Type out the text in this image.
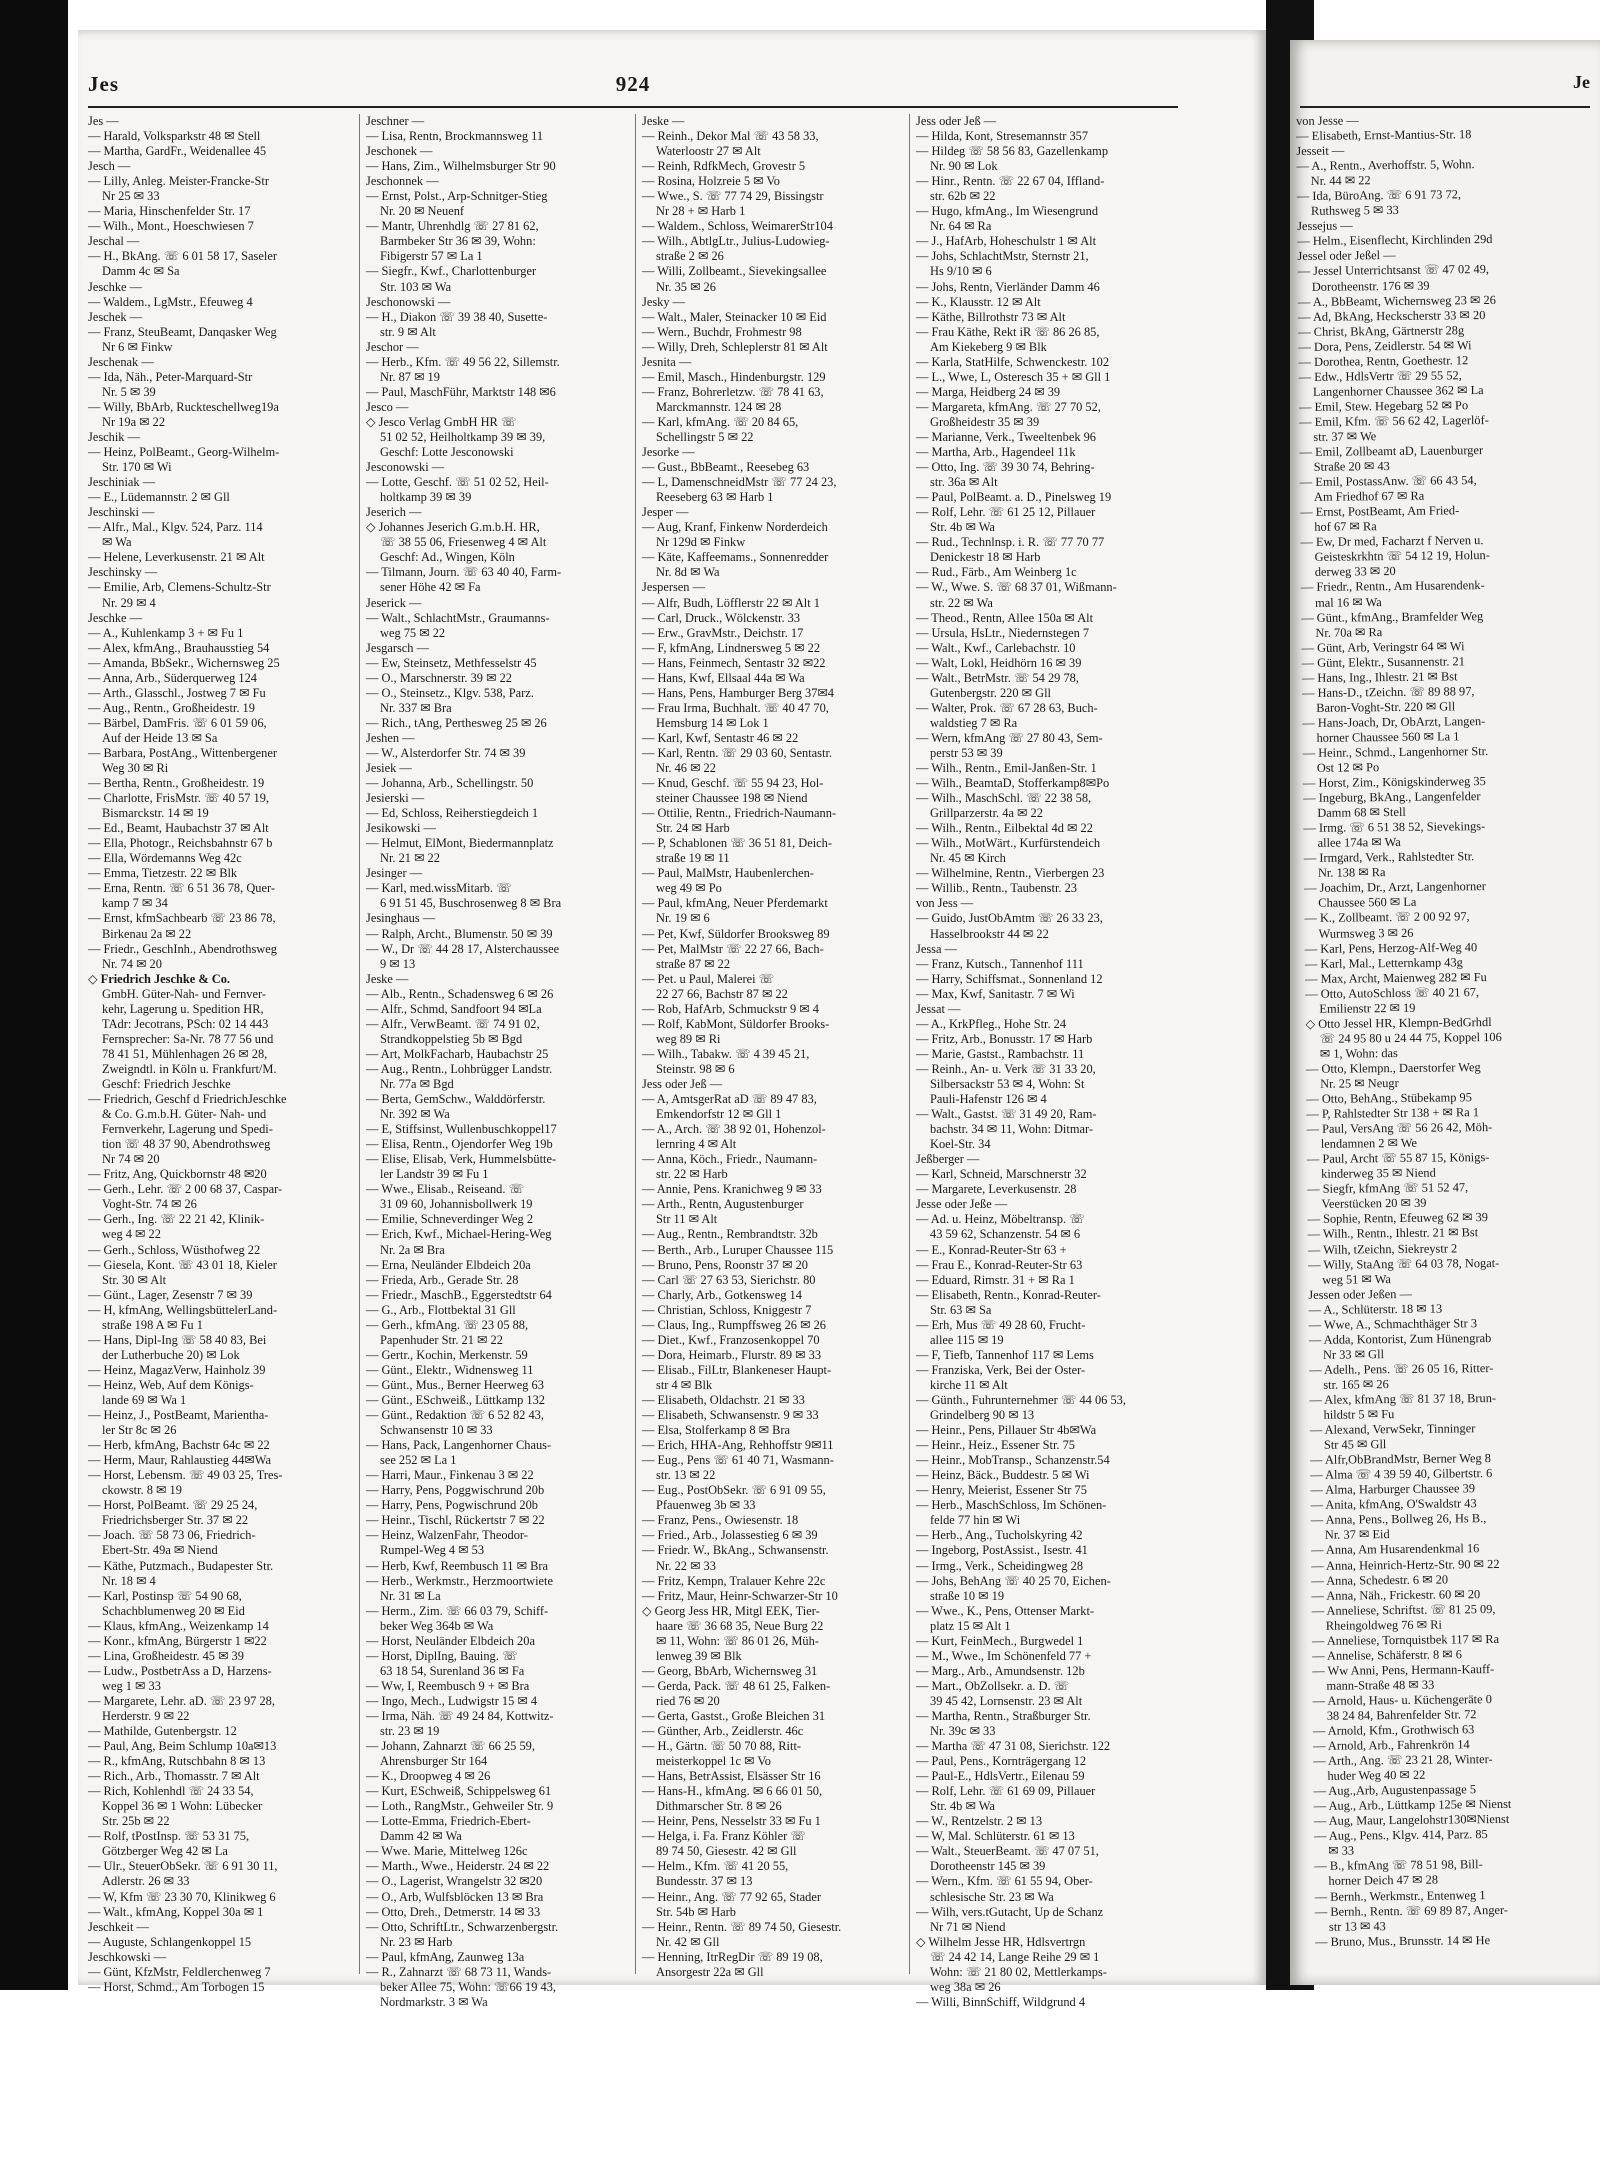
Jes	924	Je
Jes —
— Harald, Volksparkstr 48 ✉ Stell
— Martha, GardFr., Weidenallee 45
Jesch —
— Lilly, Anleg. Meister-Francke-Str
Nr 25 ✉ 33
— Maria, Hinschenfelder Str. 17
— Wilh., Mont., Hoeschwiesen 7
Jeschal —
— H., BkAng. ☏ 6 01 58 17, Saseler
Damm 4c ✉ Sa
Jeschke —
— Waldem., LgMstr., Efeuweg 4
Jeschek —
— Franz, SteuBeamt, Danqasker Weg
Nr 6 ✉ Finkw
Jeschenak —
— Ida, Näh., Peter-Marquard-Str
Nr. 5 ✉ 39
— Willy, BbArb, Ruckteschellweg19a
Nr 19a ✉ 22
Jeschik —
— Heinz, PolBeamt., Georg-Wilhelm-
Str. 170 ✉ Wi
Jeschiniak —
— E., Lüdemannstr. 2 ✉ Gll
Jeschinski —
— Alfr., Mal., Klgv. 524, Parz. 114
✉ Wa
— Helene, Leverkusenstr. 21 ✉ Alt
Jeschinsky —
— Emilie, Arb, Clemens-Schultz-Str
Nr. 29 ✉ 4
Jeschke —
— A., Kuhlenkamp 3 + ✉ Fu 1
— Alex, kfmAng., Brauhausstieg 54
— Amanda, BbSekr., Wichernsweg 25
— Anna, Arb., Süderquerweg 124
— Arth., Glasschl., Jostweg 7 ✉ Fu
— Aug., Rentn., Großheidestr. 19
— Bärbel, DamFris. ☏ 6 01 59 06,
Auf der Heide 13 ✉ Sa
— Barbara, PostAng., Wittenbergener
Weg 30 ✉ Ri
— Bertha, Rentn., Großheidestr. 19
— Charlotte, FrisMstr. ☏ 40 57 19,
Bismarckstr. 14 ✉ 19
— Ed., Beamt, Haubachstr 37 ✉ Alt
— Ella, Photogr., Reichsbahnstr 67 b
— Ella, Wördemanns Weg 42c
— Emma, Tietzestr. 22 ✉ Blk
— Erna, Rentn. ☏ 6 51 36 78, Quer-
kamp 7 ✉ 34
— Ernst, kfmSachbearb ☏ 23 86 78,
Birkenau 2a ✉ 22
— Friedr., GeschInh., Abendrothsweg
Nr. 74 ✉ 20
◇ Friedrich Jeschke & Co.
GmbH. Güter-Nah- und Fernver-
kehr, Lagerung u. Spedition HR,
TAdr: Jecotrans, PSch: 02 14 443
Fernsprecher: Sa-Nr. 78 77 56 und
78 41 51, Mühlenhagen 26 ✉ 28,
Zweigndtl. in Köln u. Frankfurt/M.
Geschf: Friedrich Jeschke
— Friedrich, Geschf d FriedrichJeschke
& Co. G.m.b.H. Güter- Nah- und
Fernverkehr, Lagerung und Spedi-
tion ☏ 48 37 90, Abendrothsweg
Nr 74 ✉ 20
— Fritz, Ang, Quickbornstr 48 ✉20
— Gerh., Lehr. ☏ 2 00 68 37, Caspar-
Voght-Str. 74 ✉ 26
— Gerh., Ing. ☏ 22 21 42, Klinik-
weg 4 ✉ 22
— Gerh., Schloss, Wüsthofweg 22
— Giesela, Kont. ☏ 43 01 18, Kieler
Str. 30 ✉ Alt
— Günt., Lager, Zesenstr 7 ✉ 39
— H, kfmAng, WellingsbüttelerLand-
straße 198 A ✉ Fu 1
— Hans, Dipl-Ing ☏ 58 40 83, Bei
der Lutherbuche 20) ✉ Lok
— Heinz, MagazVerw, Hainholz 39
— Heinz, Web, Auf dem Königs-
lande 69 ✉ Wa 1
— Heinz, J., PostBeamt, Marientha-
ler Str 8c ✉ 26
— Herb, kfmAng, Bachstr 64c ✉ 22
— Herm, Maur, Rahlaustieg 44✉Wa
— Horst, Lebensm. ☏ 49 03 25, Tres-
ckowstr. 8 ✉ 19
— Horst, PolBeamt. ☏ 29 25 24,
Friedrichsberger Str. 37 ✉ 22
— Joach. ☏ 58 73 06, Friedrich-
Ebert-Str. 49a ✉ Niend
— Käthe, Putzmach., Budapester Str.
Nr. 18 ✉ 4
— Karl, Postinsp ☏ 54 90 68,
Schachblumenweg 20 ✉ Eid
— Klaus, kfmAng., Weizenkamp 14
— Konr., kfmAng, Bürgerstr 1 ✉22
— Lina, Großheidestr. 45 ✉ 39
— Ludw., PostbetrAss a D, Harzens-
weg 1 ✉ 33
— Margarete, Lehr. aD. ☏ 23 97 28,
Herderstr. 9 ✉ 22
— Mathilde, Gutenbergstr. 12
— Paul, Ang, Beim Schlump 10a✉13
— R., kfmAng, Rutschbahn 8 ✉ 13
— Rich., Arb., Thomasstr. 7 ✉ Alt
— Rich, Kohlenhdl ☏ 24 33 54,
Koppel 36 ✉ 1 Wohn: Lübecker
Str. 25b ✉ 22
— Rolf, tPostInsp. ☏ 53 31 75,
Götzberger Weg 42 ✉ La
— Ulr., SteuerObSekr. ☏ 6 91 30 11,
Adlerstr. 26 ✉ 33
— W, Kfm ☏ 23 30 70, Klinikweg 6
— Walt., kfmAng, Koppel 30a ✉ 1
Jeschkeit —
— Auguste, Schlangenkoppel 15
Jeschkowski —
— Günt, KfzMstr, Feldlerchenweg 7
— Horst, Schmd., Am Torbogen 15
Jeschner —
— Lisa, Rentn, Brockmannsweg 11
Jeschonek —
— Hans, Zim., Wilhelmsburger Str 90
Jeschonnek —
— Ernst, Polst., Arp-Schnitger-Stieg
Nr. 20 ✉ Neuenf
— Mantr, Uhrenhdlg ☏ 27 81 62,
Barmbeker Str 36 ✉ 39, Wohn:
Fibigerstr 57 ✉ La 1
— Siegfr., Kwf., Charlottenburger
Str. 103 ✉ Wa
Jeschonowski —
— H., Diakon ☏ 39 38 40, Susette-
str. 9 ✉ Alt
Jeschor —
— Herb., Kfm. ☏ 49 56 22, Sillemstr.
Nr. 87 ✉ 19
— Paul, MaschFühr, Marktstr 148 ✉6
Jesco —
◇ Jesco Verlag GmbH HR ☏
51 02 52, Heilholtkamp 39 ✉ 39,
Geschf: Lotte Jesconowski
Jesconowski —
— Lotte, Geschf. ☏ 51 02 52, Heil-
holtkamp 39 ✉ 39
Jeserich —
◇ Johannes Jeserich G.m.b.H. HR,
☏ 38 55 06, Friesenweg 4 ✉ Alt
Geschf: Ad., Wingen, Köln
— Tilmann, Journ. ☏ 63 40 40, Farm-
sener Höhe 42 ✉ Fa
Jeserick —
— Walt., SchlachtMstr., Graumanns-
weg 75 ✉ 22
Jesgarsch —
— Ew, Steinsetz, Methfesselstr 45
— O., Marschnerstr. 39 ✉ 22
— O., Steinsetz., Klgv. 538, Parz.
Nr. 337 ✉ Bra
— Rich., tAng, Perthesweg 25 ✉ 26
Jeshen —
— W., Alsterdorfer Str. 74 ✉ 39
Jesiek —
— Johanna, Arb., Schellingstr. 50
Jesierski —
— Ed, Schloss, Reiherstiegdeich 1
Jesikowski —
— Helmut, ElMont, Biedermannplatz
Nr. 21 ✉ 22
Jesinger —
— Karl, med.wissMitarb. ☏
6 91 51 45, Buschrosenweg 8 ✉ Bra
Jesinghaus —
— Ralph, Archt., Blumenstr. 50 ✉ 39
— W., Dr ☏ 44 28 17, Alsterchaussee
9 ✉ 13
Jeske —
— Alb., Rentn., Schadensweg 6 ✉ 26
— Alfr., Schmd, Sandfoort 94 ✉La
— Alfr., VerwBeamt. ☏ 74 91 02,
Strandkoppelstieg 5b ✉ Bgd
— Art, MolkFacharb, Haubachstr 25
— Aug., Rentn., Lohbrügger Landstr.
Nr. 77a ✉ Bgd
— Berta, GemSchw., Walddörferstr.
Nr. 392 ✉ Wa
— E, Stiffsinst, Wullenbuschkoppel17
— Elisa, Rentn., Ojendorfer Weg 19b
— Elise, Elisab, Verk, Hummelsbütte-
ler Landstr 39 ✉ Fu 1
— Wwe., Elisab., Reiseand. ☏
31 09 60, Johannisbollwerk 19
— Emilie, Schneverdinger Weg 2
— Erich, Kwf., Michael-Hering-Weg
Nr. 2a ✉ Bra
— Erna, Neuländer Elbdeich 20a
— Frieda, Arb., Gerade Str. 28
— Friedr., MaschB., Eggerstedtstr 64
— G., Arb., Flottbektal 31 Gll
— Gerh., kfmAng. ☏ 23 05 88,
Papenhuder Str. 21 ✉ 22
— Gertr., Kochin, Merkenstr. 59
— Günt., Elektr., Widnensweg 11
— Günt., Mus., Berner Heerweg 63
— Günt., ESchweiß., Lüttkamp 132
— Günt., Redaktion ☏ 6 52 82 43,
Schwansenstr 10 ✉ 33
— Hans, Pack, Langenhorner Chaus-
see 252 ✉ La 1
— Harri, Maur., Finkenau 3 ✉ 22
— Harry, Pens, Poggwischrund 20b
— Harry, Pens, Pogwischrund 20b
— Heinr., Tischl, Rückertstr 7 ✉ 22
— Heinz, WalzenFahr, Theodor-
Rumpel-Weg 4 ✉ 53
— Herb, Kwf, Reembusch 11 ✉ Bra
— Herb., Werkmstr., Herzmoortwiete
Nr. 31 ✉ La
— Herm., Zim. ☏ 66 03 79, Schiff-
beker Weg 364b ✉ Wa
— Horst, Neuländer Elbdeich 20a
— Horst, DiplIng, Bauing. ☏
63 18 54, Surenland 36 ✉ Fa
— Ww, I, Reembusch 9 + ✉ Bra
— Ingo, Mech., Ludwigstr 15 ✉ 4
— Irma, Näh. ☏ 49 24 84, Kottwitz-
str. 23 ✉ 19
— Johann, Zahnarzt ☏ 66 25 59,
Ahrensburger Str 164
— K., Droopweg 4 ✉ 26
— Kurt, ESchweiß, Schippelsweg 61
— Loth., RangMstr., Gehweiler Str. 9
— Lotte-Emma, Friedrich-Ebert-
Damm 42 ✉ Wa
— Wwe. Marie, Mittelweg 126c
— Marth., Wwe., Heiderstr. 24 ✉ 22
— O., Lagerist, Wrangelstr 32 ✉20
— O., Arb, Wulfsblöcken 13 ✉ Bra
— Otto, Dreh., Detmerstr. 14 ✉ 33
— Otto, SchriftLtr., Schwarzenbergstr.
Nr. 23 ✉ Harb
— Paul, kfmAng, Zaunweg 13a
— R., Zahnarzt ☏ 68 73 11, Wands-
beker Allee 75, Wohn: ☏66 19 43,
Nordmarkstr. 3 ✉ Wa
Jeske —
— Reinh., Dekor Mal ☏ 43 58 33,
Waterloostr 27 ✉ Alt
— Reinh, RdfkMech, Grovestr 5
— Rosina, Holzreie 5 ✉ Vo
— Wwe., S. ☏ 77 74 29, Bissingstr
Nr 28 + ✉ Harb 1
— Waldem., Schloss, WeimarerStr104
— Wilh., AbtlgLtr., Julius-Ludowieg-
straße 2 ✉ 26
— Willi, Zollbeamt., Sievekingsallee
Nr. 35 ✉ 26
Jesky —
— Walt., Maler, Steinacker 10 ✉ Eid
— Wern., Buchdr, Frohmestr 98
— Willy, Dreh, Schleplerstr 81 ✉ Alt
Jesnita —
— Emil, Masch., Hindenburgstr. 129
— Franz, Bohrerletzw. ☏ 78 41 63,
Marckmannstr. 124 ✉ 28
— Karl, kfmAng. ☏ 20 84 65,
Schellingstr 5 ✉ 22
Jesorke —
— Gust., BbBeamt., Reesebeg 63
— L, DamenschneidMstr ☏ 77 24 23,
Reeseberg 63 ✉ Harb 1
Jesper —
— Aug, Kranf, Finkenw Norderdeich
Nr 129d ✉ Finkw
— Käte, Kaffeemams., Sonnenredder
Nr. 8d ✉ Wa
Jespersen —
— Alfr, Budh, Löfflerstr 22 ✉ Alt 1
— Carl, Druck., Wölckenstr. 33
— Erw., GravMstr., Deichstr. 17
— F, kfmAng, Lindnersweg 5 ✉ 22
— Hans, Feinmech, Sentastr 32 ✉22
— Hans, Kwf, Ellsaal 44a ✉ Wa
— Hans, Pens, Hamburger Berg 37✉4
— Frau Irma, Buchhalt. ☏ 40 47 70,
Hemsburg 14 ✉ Lok 1
— Karl, Kwf, Sentastr 46 ✉ 22
— Karl, Rentn. ☏ 29 03 60, Sentastr.
Nr. 46 ✉ 22
— Knud, Geschf. ☏ 55 94 23, Hol-
steiner Chaussee 198 ✉ Niend
— Ottilie, Rentn., Friedrich-Naumann-
Str. 24 ✉ Harb
— P, Schablonen ☏ 36 51 81, Deich-
straße 19 ✉ 11
— Paul, MalMstr, Haubenlerchen-
weg 49 ✉ Po
— Paul, kfmAng, Neuer Pferdemarkt
Nr. 19 ✉ 6
— Pet, Kwf, Süldorfer Brooksweg 89
— Pet, MalMstr ☏ 22 27 66, Bach-
straße 87 ✉ 22
— Pet. u Paul, Malerei ☏
22 27 66, Bachstr 87 ✉ 22
— Rob, HafArb, Schmuckstr 9 ✉ 4
— Rolf, KabMont, Süldorfer Brooks-
weg 89 ✉ Ri
— Wilh., Tabakw. ☏ 4 39 45 21,
Steinstr. 98 ✉ 6
Jess oder Jeß —
— A, AmtsgerRat aD ☏ 89 47 83,
Emkendorfstr 12 ✉ Gll 1
— A., Arch. ☏ 38 92 01, Hohenzol-
lernring 4 ✉ Alt
— Anna, Köch., Friedr., Naumann-
str. 22 ✉ Harb
— Annie, Pens. Kranichweg 9 ✉ 33
— Arth., Rentn, Augustenburger
Str 11 ✉ Alt
— Aug., Rentn., Rembrandtstr. 32b
— Berth., Arb., Luruper Chaussee 115
— Bruno, Pens, Roonstr 37 ✉ 20
— Carl ☏ 27 63 53, Sierichstr. 80
— Charly, Arb., Gotkensweg 14
— Christian, Schloss, Kniggestr 7
— Claus, Ing., Rumpffsweg 26 ✉ 26
— Diet., Kwf., Franzosenkoppel 70
— Dora, Heimarb., Flurstr. 89 ✉ 33
— Elisab., FilLtr, Blankeneser Haupt-
str 4 ✉ Blk
— Elisabeth, Oldachstr. 21 ✉ 33
— Elisabeth, Schwansenstr. 9 ✉ 33
— Elsa, Stolferkamp 8 ✉ Bra
— Erich, HHA-Ang, Rehhoffstr 9✉11
— Eug., Pens ☏ 61 40 71, Wasmann-
str. 13 ✉ 22
— Eug., PostObSekr. ☏ 6 91 09 55,
Pfauenweg 3b ✉ 33
— Franz, Pens., Owiesenstr. 18
— Fried., Arb., Jolassestieg 6 ✉ 39
— Friedr. W., BkAng., Schwansenstr.
Nr. 22 ✉ 33
— Fritz, Kempn, Tralauer Kehre 22c
— Fritz, Maur, Heinr-Schwarzer-Str 10
◇ Georg Jess HR, Mitgl EEK, Tier-
haare ☏ 36 68 35, Neue Burg 22
✉ 11, Wohn: ☏ 86 01 26, Müh-
lenweg 39 ✉ Blk
— Georg, BbArb, Wichernsweg 31
— Gerda, Pack. ☏ 48 61 25, Falken-
ried 76 ✉ 20
— Gerta, Gastst., Große Bleichen 31
— Günther, Arb., Zeidlerstr. 46c
— H., Gärtn. ☏ 50 70 88, Ritt-
meisterkoppel 1c ✉ Vo
— Hans, BetrAssist, Elsässer Str 16
— Hans-H., kfmAng. ✉ 6 66 01 50,
Dithmarscher Str. 8 ✉ 26
— Heinr, Pens, Nesselstr 33 ✉ Fu 1
— Helga, i. Fa. Franz Köhler ☏
89 74 50, Giesestr. 42 ✉ Gll
— Helm., Kfm. ☏ 41 20 55,
Bundesstr. 37 ✉ 13
— Heinr., Ang. ☏ 77 92 65, Stader
Str. 54b ✉ Harb
— Heinr., Rentn. ☏ 89 74 50, Giesestr.
Nr. 42 ✉ Gll
— Henning, ItrRegDir ☏ 89 19 08,
Ansorgestr 22a ✉ Gll
Jess oder Jeß —
— Hilda, Kont, Stresemannstr 357
— Hildeg ☏ 58 56 83, Gazellenkamp
Nr. 90 ✉ Lok
— Hinr., Rentn. ☏ 22 67 04, Iffland-
str. 62b ✉ 22
— Hugo, kfmAng., Im Wiesengrund
Nr. 64 ✉ Ra
— J., HafArb, Hoheschulstr 1 ✉ Alt
— Johs, SchlachtMstr, Sternstr 21,
Hs 9/10 ✉ 6
— Johs, Rentn, Vierländer Damm 46
— K., Klausstr. 12 ✉ Alt
— Käthe, Billrothstr 73 ✉ Alt
— Frau Käthe, Rekt iR ☏ 86 26 85,
Am Kiekeberg 9 ✉ Blk
— Karla, StatHilfe, Schwenckestr. 102
— L., Wwe, L, Osteresch 35 + ✉ Gll 1
— Marga, Heidberg 24 ✉ 39
— Margareta, kfmAng. ☏ 27 70 52,
Großheidestr 35 ✉ 39
— Marianne, Verk., Tweeltenbek 96
— Martha, Arb., Hagendeel 11k
— Otto, Ing. ☏ 39 30 74, Behring-
str. 36a ✉ Alt
— Paul, PolBeamt. a. D., Pinelsweg 19
— Rolf, Lehr. ☏ 61 25 12, Pillauer
Str. 4b ✉ Wa
— Rud., Technlnsp. i. R. ☏ 77 70 77
Denickestr 18 ✉ Harb
— Rud., Färb., Am Weinberg 1c
— W., Wwe. S. ☏ 68 37 01, Wißmann-
str. 22 ✉ Wa
— Theod., Rentn, Allee 150a ✉ Alt
— Ursula, HsLtr., Niedernstegen 7
— Walt., Kwf., Carlebachstr. 10
— Walt, Lokl, Heidhörn 16 ✉ 39
— Walt., BetrMstr. ☏ 54 29 78,
Gutenbergstr. 220 ✉ Gll
— Walter, Prok. ☏ 67 28 63, Buch-
waldstieg 7 ✉ Ra
— Wern, kfmAng ☏ 27 80 43, Sem-
perstr 53 ✉ 39
— Wilh., Rentn., Emil-Janßen-Str. 1
— Wilh., BeamtaD, Stofferkamp8✉Po
— Wilh., MaschSchl. ☏ 22 38 58,
Grillparzerstr. 4a ✉ 22
— Wilh., Rentn., Eilbektal 4d ✉ 22
— Wilh., MotWärt., Kurfürstendeich
Nr. 45 ✉ Kirch
— Wilhelmine, Rentn., Vierbergen 23
— Willib., Rentn., Taubenstr. 23
von Jess —
— Guido, JustObAmtm ☏ 26 33 23,
Hasselbrookstr 44 ✉ 22
Jessa —
— Franz, Kutsch., Tannenhof 111
— Harry, Schiffsmat., Sonnenland 12
— Max, Kwf, Sanitastr. 7 ✉ Wi
Jessat —
— A., KrkPfleg., Hohe Str. 24
— Fritz, Arb., Bonusstr. 17 ✉ Harb
— Marie, Gastst., Rambachstr. 11
— Reinh., An- u. Verk ☏ 31 33 20,
Silbersackstr 53 ✉ 4, Wohn: St
Pauli-Hafenstr 126 ✉ 4
— Walt., Gastst. ☏ 31 49 20, Ram-
bachstr. 34 ✉ 11, Wohn: Ditmar-
Koel-Str. 34
Jeßberger —
— Karl, Schneid, Marschnerstr 32
— Margarete, Leverkusenstr. 28
Jesse oder Jeße —
— Ad. u. Heinz, Möbeltransp. ☏
43 59 62, Schanzenstr. 54 ✉ 6
— E., Konrad-Reuter-Str 63 +
— Frau E., Konrad-Reuter-Str 63
— Eduard, Rimstr. 31 + ✉ Ra 1
— Elisabeth, Rentn., Konrad-Reuter-
Str. 63 ✉ Sa
— Erh, Mus ☏ 49 28 60, Frucht-
allee 115 ✉ 19
— F, Tiefb, Tannenhof 117 ✉ Lems
— Franziska, Verk, Bei der Oster-
kirche 11 ✉ Alt
— Günth., Fuhrunternehmer ☏ 44 06 53,
Grindelberg 90 ✉ 13
— Heinr., Pens, Pillauer Str 4b✉Wa
— Heinr., Heiz., Essener Str. 75
— Heinr., MobTransp., Schanzenstr.54
— Heinz, Bäck., Buddestr. 5 ✉ Wi
— Henry, Meierist, Essener Str 75
— Herb., MaschSchloss, Im Schönen-
felde 77 hin ✉ Wi
— Herb., Ang., Tucholskyring 42
— Ingeborg, PostAssist., Isestr. 41
— Irmg., Verk., Scheidingweg 28
— Johs, BehAng ☏ 40 25 70, Eichen-
straße 10 ✉ 19
— Wwe., K., Pens, Ottenser Markt-
platz 15 ✉ Alt 1
— Kurt, FeinMech., Burgwedel 1
— M., Wwe., Im Schönenfeld 77 +
— Marg., Arb., Amundsenstr. 12b
— Mart., ObZollsekr. a. D. ☏
39 45 42, Lornsenstr. 23 ✉ Alt
— Martha, Rentn., Straßburger Str.
Nr. 39c ✉ 33
— Martha ☏ 47 31 08, Sierichstr. 122
— Paul, Pens., Kornträgergang 12
— Paul-E., HdlsVertr., Eilenau 59
— Rolf, Lehr. ☏ 61 69 09, Pillauer
Str. 4b ✉ Wa
— W., Rentzelstr. 2 ✉ 13
— W, Mal. Schlüterstr. 61 ✉ 13
— Walt., SteuerBeamt. ☏ 47 07 51,
Dorotheenstr 145 ✉ 39
— Wern., Kfm. ☏ 61 55 94, Ober-
schlesische Str. 23 ✉ Wa
— Wilh, vers.tGutacht, Up de Schanz
Nr 71 ✉ Niend
◇ Wilhelm Jesse HR, Hdlsvertrgn
☏ 24 42 14, Lange Reihe 29 ✉ 1
Wohn: ☏ 21 80 02, Mettlerkamps-
weg 38a ✉ 26
— Willi, BinnSchiff, Wildgrund 4
von Jesse —
— Elisabeth, Ernst-Mantius-Str. 18
Jesseit —
— A., Rentn., Averhoffstr. 5, Wohn.
Nr. 44 ✉ 22
— Ida, BüroAng. ☏ 6 91 73 72,
Ruthsweg 5 ✉ 33
Jessejus —
— Helm., Eisenflecht, Kirchlinden 29d
Jessel oder Jeßel —
— Jessel Unterrichtsanst ☏ 47 02 49,
Dorotheenstr. 176 ✉ 39
— A., BbBeamt, Wichernsweg 23 ✉ 26
— Ad, BkAng, Heckscherstr 33 ✉ 20
— Christ, BkAng, Gärtnerstr 28g
— Dora, Pens, Zeidlerstr. 54 ✉ Wi
— Dorothea, Rentn, Goethestr. 12
— Edw., HdlsVertr ☏ 29 55 52,
Langenhorner Chaussee 362 ✉ La
— Emil, Stew. Hegebarg 52 ✉ Po
— Emil, Kfm. ☏ 56 62 42, Lagerlöf-
str. 37 ✉ We
— Emil, Zollbeamt aD, Lauenburger
Straße 20 ✉ 43
— Emil, PostassAnw. ☏ 66 43 54,
Am Friedhof 67 ✉ Ra
— Ernst, PostBeamt, Am Fried-
hof 67 ✉ Ra
— Ew, Dr med, Facharzt f Nerven u.
Geisteskrkhtn ☏ 54 12 19, Holun-
derweg 33 ✉ 20
— Friedr., Rentn., Am Husarendenk-
mal 16 ✉ Wa
— Günt., kfmAng., Bramfelder Weg
Nr. 70a ✉ Ra
— Günt, Arb, Veringstr 64 ✉ Wi
— Günt, Elektr., Susannenstr. 21
— Hans, Ing., Ihlestr. 21 ✉ Bst
— Hans-D., tZeichn. ☏ 89 88 97,
Baron-Voght-Str. 220 ✉ Gll
— Hans-Joach, Dr, ObArzt, Langen-
horner Chaussee 560 ✉ La 1
— Heinr., Schmd., Langenhorner Str.
Ost 12 ✉ Po
— Horst, Zim., Königskinderweg 35
— Ingeburg, BkAng., Langenfelder
Damm 68 ✉ Stell
— Irmg. ☏ 6 51 38 52, Sievekings-
allee 174a ✉ Wa
— Irmgard, Verk., Rahlstedter Str.
Nr. 138 ✉ Ra
— Joachim, Dr., Arzt, Langenhorner
Chaussee 560 ✉ La
— K., Zollbeamt. ☏ 2 00 92 97,
Wurmsweg 3 ✉ 26
— Karl, Pens, Herzog-Alf-Weg 40
— Karl, Mal., Letternkamp 43g
— Max, Archt, Maienweg 282 ✉ Fu
— Otto, AutoSchloss ☏ 40 21 67,
Emilienstr 22 ✉ 19
◇ Otto Jessel HR, Klempn-BedGrhdl
☏ 24 95 80 u 24 44 75, Koppel 106
✉ 1, Wohn: das
— Otto, Klempn., Daerstorfer Weg
Nr. 25 ✉ Neugr
— Otto, BehAng., Stübekamp 95
— P, Rahlstedter Str 138 + ✉ Ra 1
— Paul, VersAng ☏ 56 26 42, Möh-
lendamnen 2 ✉ We
— Paul, Archt ☏ 55 87 15, Königs-
kinderweg 35 ✉ Niend
— Siegfr, kfmAng ☏ 51 52 47,
Veerstücken 20 ✉ 39
— Sophie, Rentn, Efeuweg 62 ✉ 39
— Wilh., Rentn., Ihlestr. 21 ✉ Bst
— Wilh, tZeichn, Siekreystr 2
— Willy, StaAng ☏ 64 03 78, Nogat-
weg 51 ✉ Wa
Jessen oder Jeßen —
— A., Schlüterstr. 18 ✉ 13
— Wwe, A., Schmachthäger Str 3
— Adda, Kontorist, Zum Hünengrab
Nr 33 ✉ Gll
— Adelh., Pens. ☏ 26 05 16, Ritter-
str. 165 ✉ 26
— Alex, kfmAng ☏ 81 37 18, Brun-
hildstr 5 ✉ Fu
— Alexand, VerwSekr, Tinninger
Str 45 ✉ Gll
— Alfr,ObBrandMstr, Berner Weg 8
— Alma ☏ 4 39 59 40, Gilbertstr. 6
— Alma, Harburger Chaussee 39
— Anita, kfmAng, O'Swaldstr 43
— Anna, Pens., Bollweg 26, Hs B.,
Nr. 37 ✉ Eid
— Anna, Am Husarendenkmal 16
— Anna, Heinrich-Hertz-Str. 90 ✉ 22
— Anna, Schedestr. 6 ✉ 20
— Anna, Näh., Frickestr. 60 ✉ 20
— Anneliese, Schriftst. ☏ 81 25 09,
Rheingoldweg 76 ✉ Ri
— Anneliese, Tornquistbek 117 ✉ Ra
— Annelise, Schäferstr. 8 ✉ 6
— Ww Anni, Pens, Hermann-Kauff-
mann-Straße 48 ✉ 33
— Arnold, Haus- u. Küchengeräte 0
38 24 84, Bahrenfelder Str. 72
— Arnold, Kfm., Grothwisch 63
— Arnold, Arb., Fahrenkrön 14
— Arth., Ang. ☏ 23 21 28, Winter-
huder Weg 40 ✉ 22
— Aug.,Arb, Augustenpassage 5
— Aug., Arb., Lüttkamp 125e ✉ Nienst
— Aug, Maur, Langelohstr130✉Nienst
— Aug., Pens., Klgv. 414, Parz. 85
✉ 33
— B., kfmAng ☏ 78 51 98, Bill-
horner Deich 47 ✉ 28
— Bernh., Werkmstr., Entenweg 1
— Bernh., Rentn. ☏ 69 89 87, Anger-
str 13 ✉ 43
— Bruno, Mus., Brunsstr. 14 ✉ He
